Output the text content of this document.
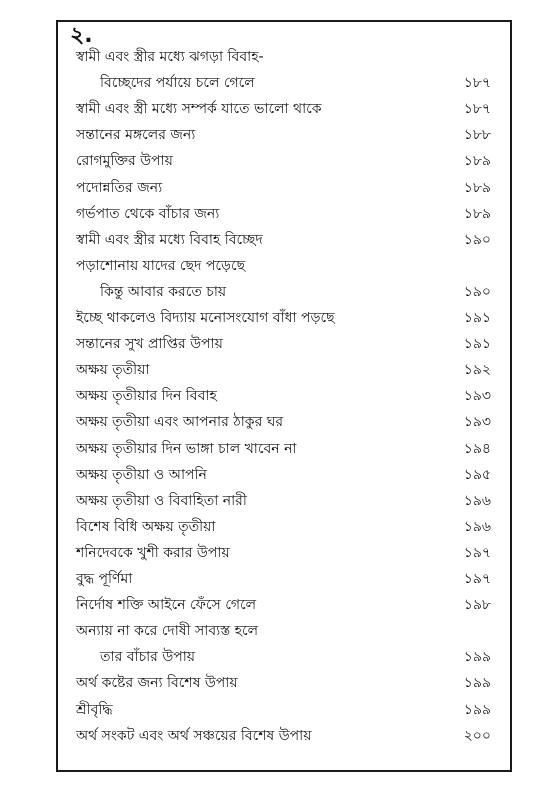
২.
স্বামী এবং স্ত্রীর মধ্যে ঝগড়া বিবাহ-
বিচ্ছেদের পর্যায়ে চলে গেলে	১৮৭
স্বামী এবং স্ত্রী মধ্যে সম্পর্ক যাতে ভালো থাকে	১৮৭
সন্তানের মঙ্গলের জন্য	১৮৮
রোগমুক্তির উপায়	১৮৯
পদোন্নতির জন্য	১৮৯
গর্ভপাত থেকে বাঁচার জন্য	১৮৯
স্বামী এবং স্ত্রীর মধ্যে বিবাহ বিচ্ছেদ	১৯০
পড়াশোনায় যাদের ছেদ পড়েছে
কিন্তু আবার করতে চায়	১৯০
ইচ্ছে থাকলেও বিদ্যায় মনোসংযোগ বাঁধা পড়ছে	১৯১
সন্তানের সুখ প্রাপ্তির উপায়	১৯১
অক্ষয় তৃতীয়া	১৯২
অক্ষয় তৃতীয়ার দিন বিবাহ	১৯৩
অক্ষয় তৃতীয়া এবং আপনার ঠাকুর ঘর	১৯৩
অক্ষয় তৃতীয়ার দিন ভাঙ্গা চাল খাবেন না	১৯৪
অক্ষয় তৃতীয়া ও আপনি	১৯৫
অক্ষয় তৃতীয়া ও বিবাহিতা নারী	১৯৬
বিশেষ বিধি অক্ষয় তৃতীয়া	১৯৬
শনিদেবকে খুশী করার উপায়	১৯৭
বুদ্ধ পূর্ণিমা	১৯৭
নির্দোষ শক্তি আইনে ফেঁসে গেলে	১৯৮
অন্যায় না করে দোষী সাব্যস্ত হলে
তার বাঁচার উপায়	১৯৯
অর্থ কষ্টের জন্য বিশেষ উপায়	১৯৯
শ্রীবৃদ্ধি	১৯৯
অর্থ সংকট এবং অর্থ সঞ্চয়ের বিশেষ উপায়	২০০
